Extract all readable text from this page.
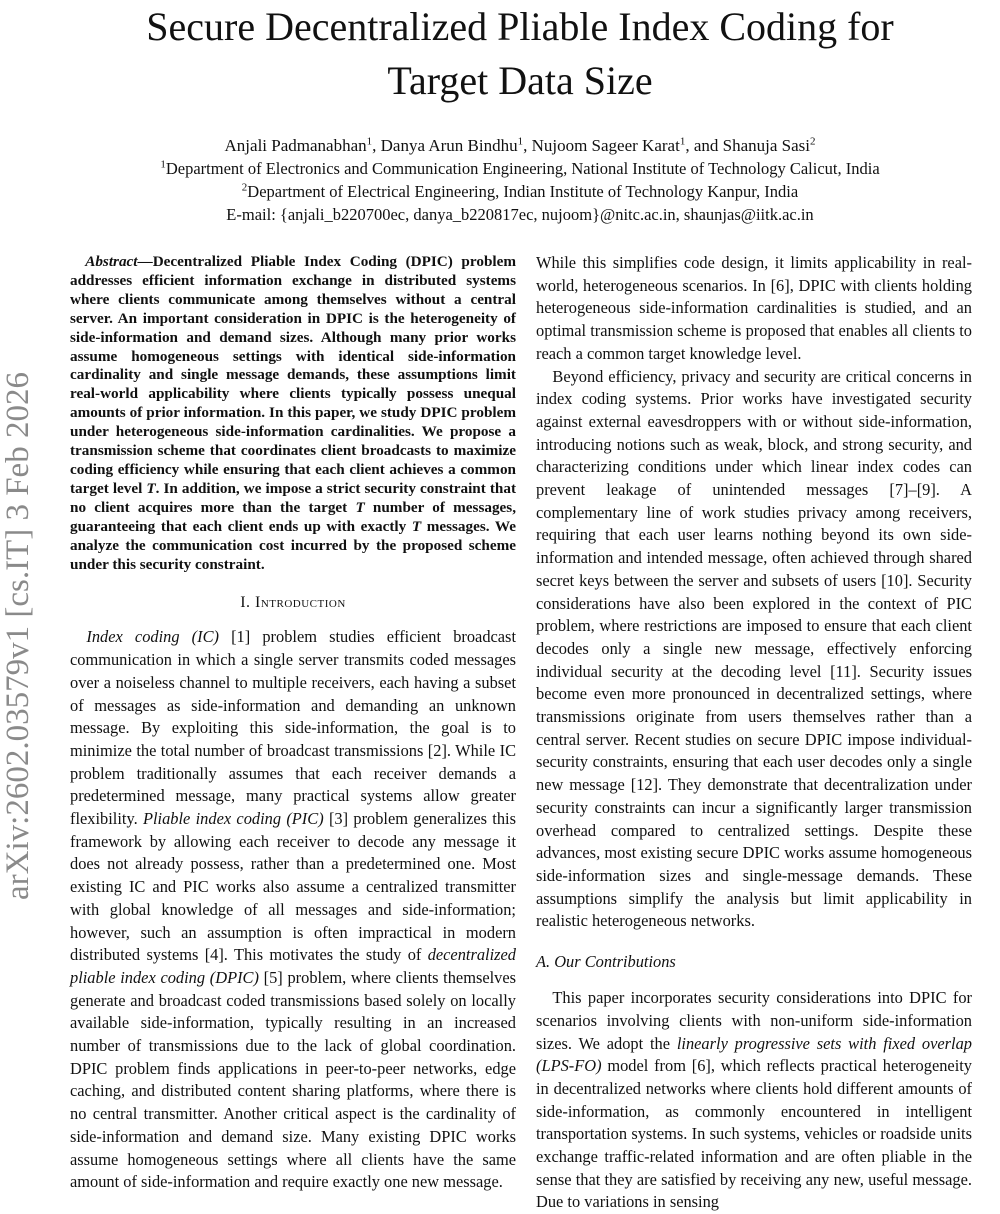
arXiv:2602.03579v1 [cs.IT] 3 Feb 2026
Secure Decentralized Pliable Index Coding for
Target Data Size
Anjali Padmanabhan$^1$, Danya Arun Bindhu$^1$, Nujoom Sageer Karat$^1$, and Shanuja Sasi$^2$
$^1$Department of Electronics and Communication Engineering, National Institute of Technology Calicut, India
$^2$Department of Electrical Engineering, Indian Institute of Technology Kanpur, India
E-mail: {anjali_b220700ec, danya_b220817ec, nujoom}@nitc.ac.in, shaunjas@iitk.ac.in

Abstract—Decentralized Pliable Index Coding (DPIC) problem addresses efficient information exchange in distributed systems where clients communicate among themselves without a central server. An important consideration in DPIC is the heterogeneity of side-information and demand sizes. Although many prior works assume homogeneous settings with identical side-information cardinality and single message demands, these assumptions limit real-world applicability where clients typically possess unequal amounts of prior information. In this paper, we study DPIC problem under heterogeneous side-information cardinalities. We propose a transmission scheme that coordinates client broadcasts to maximize coding efficiency while ensuring that each client achieves a common target level T. In addition, we impose a strict security constraint that no client acquires more than the target T number of messages, guaranteeing that each client ends up with exactly T messages. We analyze the communication cost incurred by the proposed scheme under this security constraint.

I. Introduction

Index coding (IC) [1] problem studies efficient broadcast communication in which a single server transmits coded messages over a noiseless channel to multiple receivers, each having a subset of messages as side-information and demanding an unknown message. By exploiting this side-information, the goal is to minimize the total number of broadcast transmissions [2]. While IC problem traditionally assumes that each receiver demands a predetermined message, many practical systems allow greater flexibility. Pliable index coding (PIC) [3] problem generalizes this framework by allowing each receiver to decode any message it does not already possess, rather than a predetermined one. Most existing IC and PIC works also assume a centralized transmitter with global knowledge of all messages and side-information; however, such an assumption is often impractical in modern distributed systems [4]. This motivates the study of decentralized pliable index coding (DPIC) [5] problem, where clients themselves generate and broadcast coded transmissions based solely on locally available side-information, typically resulting in an increased number of transmissions due to the lack of global coordination. DPIC problem finds applications in peer-to-peer networks, edge caching, and distributed content sharing platforms, where there is no central transmitter. Another critical aspect is the cardinality of side-information and demand size. Many existing DPIC works assume homogeneous settings where all clients have the same amount of side-information and require exactly one new message.

While this simplifies code design, it limits applicability in real-world, heterogeneous scenarios. In [6], DPIC with clients holding heterogeneous side-information cardinalities is studied, and an optimal transmission scheme is proposed that enables all clients to reach a common target knowledge level.

Beyond efficiency, privacy and security are critical concerns in index coding systems. Prior works have investigated security against external eavesdroppers with or without side-information, introducing notions such as weak, block, and strong security, and characterizing conditions under which linear index codes can prevent leakage of unintended messages [7]–[9]. A complementary line of work studies privacy among receivers, requiring that each user learns nothing beyond its own side-information and intended message, often achieved through shared secret keys between the server and subsets of users [10]. Security considerations have also been explored in the context of PIC problem, where restrictions are imposed to ensure that each client decodes only a single new message, effectively enforcing individual security at the decoding level [11]. Security issues become even more pronounced in decentralized settings, where transmissions originate from users themselves rather than a central server. Recent studies on secure DPIC impose individual-security constraints, ensuring that each user decodes only a single new message [12]. They demonstrate that decentralization under security constraints can incur a significantly larger transmission overhead compared to centralized settings. Despite these advances, most existing secure DPIC works assume homogeneous side-information sizes and single-message demands. These assumptions simplify the analysis but limit applicability in realistic heterogeneous networks.

A. Our Contributions

This paper incorporates security considerations into DPIC for scenarios involving clients with non-uniform side-information sizes. We adopt the linearly progressive sets with fixed overlap (LPS-FO) model from [6], which reflects practical heterogeneity in decentralized networks where clients hold different amounts of side-information, as commonly encountered in intelligent transportation systems. In such systems, vehicles or roadside units exchange traffic-related information and are often pliable in the sense that they are satisfied by receiving any new, useful message. Due to variations in sensing
